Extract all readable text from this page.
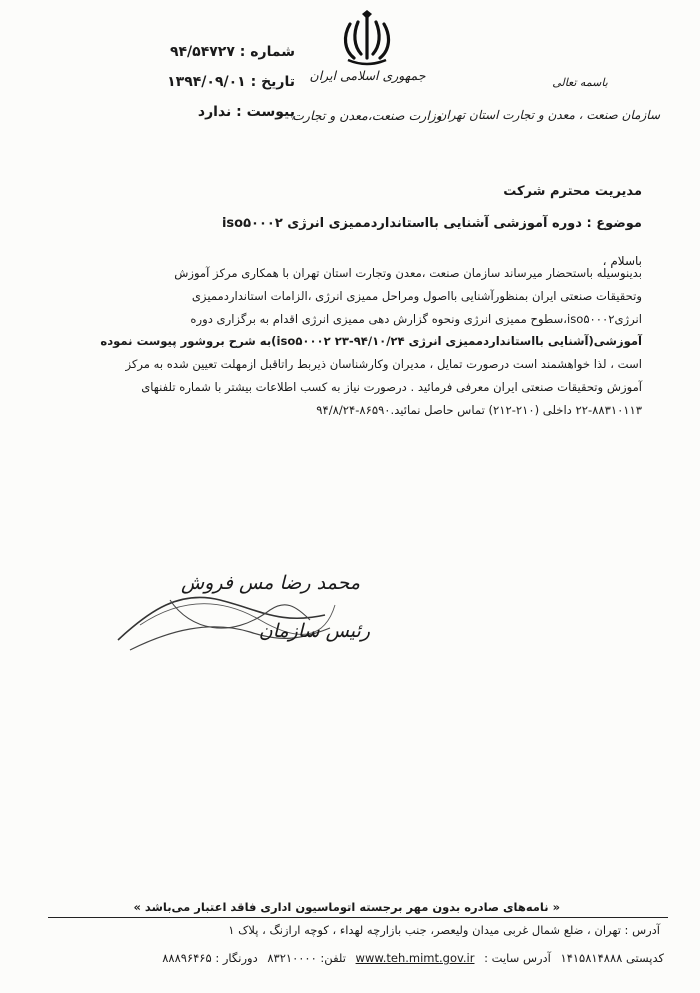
شماره : ۹۴/۵۴۷۲۷
تاریخ : ۱۳۹۴/۰۹/۰۱
پیوست : ندارد
جمهوری اسلامی ایران
وزارت صنعت،معدن و تجارت
باسمه تعالی
سازمان صنعت ، معدن و تجارت استان تهران
مدیریت محترم شرکت
موضوع : دوره آموزشی آشنایی بااستانداردممیزی انرژی iso۵۰۰۰۲
باسلام ،
بدینوسیله باستحضار میرساند سازمان صنعت ،معدن وتجارت استان تهران با همکاری مرکز آموزش
وتحقیقات صنعتی ایران بمنظورآشنایی بااصول ومراحل ممیزی انرژی ،الزامات استانداردممیزی
انرژیiso۵۰۰۰۲،سطوح ممیزی انرژی ونحوه گزارش دهی ممیزی انرژی اقدام به برگزاری دوره
آموزشی(آشنایی بااستانداردممیزی انرژی iso۵۰۰۰۲ ۲۳-۹۴/۱۰/۲۴)به شرح بروشور پیوست نموده
است ، لذا خواهشمند است درصورت تمایل ، مدیران وکارشناسان ذیربط راتاقبل ازمهلت تعیین شده به مرکز
آموزش وتحقیقات صنعتی ایران معرفی فرمائید . درصورت نیاز به کسب اطلاعات بیشتر با شماره تلفنهای
۲۲-۸۸۳۱۰۱۱۳ داخلی (۲۱۰-۲۱۲) تماس حاصل نمائید.۸۶۵۹۰-۹۴/۸/۲۴
محمد رضا مس فروش
رئیس سازمان
« نامه‌های صادره بدون مهر برجسته اتوماسیون اداری فاقد اعتبار می‌باشد »
آدرس : تهران ، ضلع شمال غربی میدان ولیعصر، جنب بازارچه لهداء ، کوچه ارازنگ ، پلاک ۱
کدپستی ۱۴۱۵۸۱۴۸۸۸ آدرس سایت : www.teh.mimt.gov.ir تلفن: ۸۳۲۱۰۰۰۰ دورنگار : ۸۸۸۹۶۴۶۵
